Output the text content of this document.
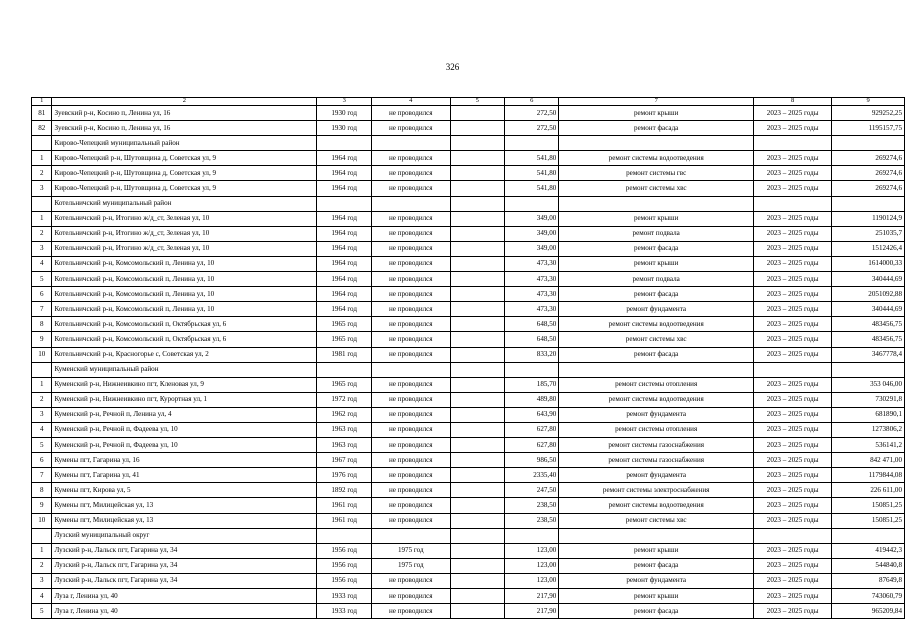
326
1	2	3	4	5	6	7	8	9
81	Зуевский р-н, Косино п, Ленина ул, 16	1930 год	не проводился		272,50	ремонт крыши	2023 – 2025 годы	929252,25
82	Зуевский р-н, Косино п, Ленина ул, 16	1930 год	не проводился		272,50	ремонт фасада	2023 – 2025 годы	1195157,75
	Кирово-Чепецкий муниципальный район							
1	Кирово-Чепецкий р-н, Шутовщина д, Советская ул, 9	1964 год	не проводился		541,80	ремонт системы водоотведения	2023 – 2025 годы	269274,6
2	Кирово-Чепецкий р-н, Шутовщина д, Советская ул, 9	1964 год	не проводился		541,80	ремонт системы гвс	2023 – 2025 годы	269274,6
3	Кирово-Чепецкий р-н, Шутовщина д, Советская ул, 9	1964 год	не проводился		541,80	ремонт системы хвс	2023 – 2025 годы	269274,6
	Котельничский муниципальный район							
1	Котельничский р-н, Итогино ж/д_ст, Зеленая ул, 10	1964 год	не проводился		349,00	ремонт крыши	2023 – 2025 годы	1190124,9
2	Котельничский р-н, Итогино ж/д_ст, Зеленая ул, 10	1964 год	не проводился		349,00	ремонт подвала	2023 – 2025 годы	251035,7
3	Котельничский р-н, Итогино ж/д_ст, Зеленая ул, 10	1964 год	не проводился		349,00	ремонт фасада	2023 – 2025 годы	1512426,4
4	Котельничский р-н, Комсомольский п, Ленина ул, 10	1964 год	не проводился		473,30	ремонт крыши	2023 – 2025 годы	1614000,33
5	Котельничский р-н, Комсомольский п, Ленина ул, 10	1964 год	не проводился		473,30	ремонт подвала	2023 – 2025 годы	340444,69
6	Котельничский р-н, Комсомольский п, Ленина ул, 10	1964 год	не проводился		473,30	ремонт фасада	2023 – 2025 годы	2051092,88
7	Котельничский р-н, Комсомольский п, Ленина ул, 10	1964 год	не проводился		473,30	ремонт фундамента	2023 – 2025 годы	340444,69
8	Котельничский р-н, Комсомольский п, Октябрьская ул, 6	1965 год	не проводился		648,50	ремонт системы водоотведения	2023 – 2025 годы	483456,75
9	Котельничский р-н, Комсомольский п, Октябрьская ул, 6	1965 год	не проводился		648,50	ремонт системы хвс	2023 – 2025 годы	483456,75
10	Котельничский р-н, Красногорье с, Советская ул, 2	1981 год	не проводился		833,20	ремонт фасада	2023 – 2025 годы	3467778,4
	Куменский муниципальный район							
1	Куменский р-н, Нижнеивкино пгт, Кленовая ул, 9	1965 год	не проводился		185,70	ремонт системы отопления	2023 – 2025 годы	353 046,00
2	Куменский р-н, Нижнеивкино пгт, Курортная ул, 1	1972 год	не проводился		489,80	ремонт системы водоотведения	2023 – 2025 годы	730291,8
3	Куменский р-н, Речной п, Ленина ул, 4	1962 год	не проводился		643,90	ремонт фундамента	2023 – 2025 годы	681890,1
4	Куменский р-н, Речной п, Фадеева ул, 10	1963 год	не проводился		627,80	ремонт системы отопления	2023 – 2025 годы	1273806,2
5	Куменский р-н, Речной п, Фадеева ул, 10	1963 год	не проводился		627,80	ремонт системы газоснабжения	2023 – 2025 годы	536141,2
6	Кумены пгт, Гагарина ул, 16	1967 год	не проводился		986,50	ремонт системы газоснабжения	2023 – 2025 годы	842 471,00
7	Кумены пгт, Гагарина ул, 41	1976 год	не проводился		2335,40	ремонт фундамента	2023 – 2025 годы	1179844,08
8	Кумены пгт, Кирова ул, 5	1892 год	не проводился		247,50	ремонт системы электроснабжения	2023 – 2025 годы	226 611,00
9	Кумены пгт, Милицейская ул, 13	1961 год	не проводился		238,50	ремонт системы водоотведения	2023 – 2025 годы	150851,25
10	Кумены пгт, Милицейская ул, 13	1961 год	не проводился		238,50	ремонт системы хвс	2023 – 2025 годы	150851,25
	Лузский муниципальный округ							
1	Лузский р-н, Лальск пгт, Гагарина ул, 34	1956 год	1975 год		123,00	ремонт крыши	2023 – 2025 годы	419442,3
2	Лузский р-н, Лальск пгт, Гагарина ул, 34	1956 год	1975 год		123,00	ремонт фасада	2023 – 2025 годы	544840,8
3	Лузский р-н, Лальск пгт, Гагарина ул, 34	1956 год	не проводился		123,00	ремонт фундамента	2023 – 2025 годы	87649,8
4	Луза г, Ленина ул, 40	1933 год	не проводился		217,90	ремонт крыши	2023 – 2025 годы	743060,79
5	Луза г, Ленина ул, 40	1933 год	не проводился		217,90	ремонт фасада	2023 – 2025 годы	965209,84
